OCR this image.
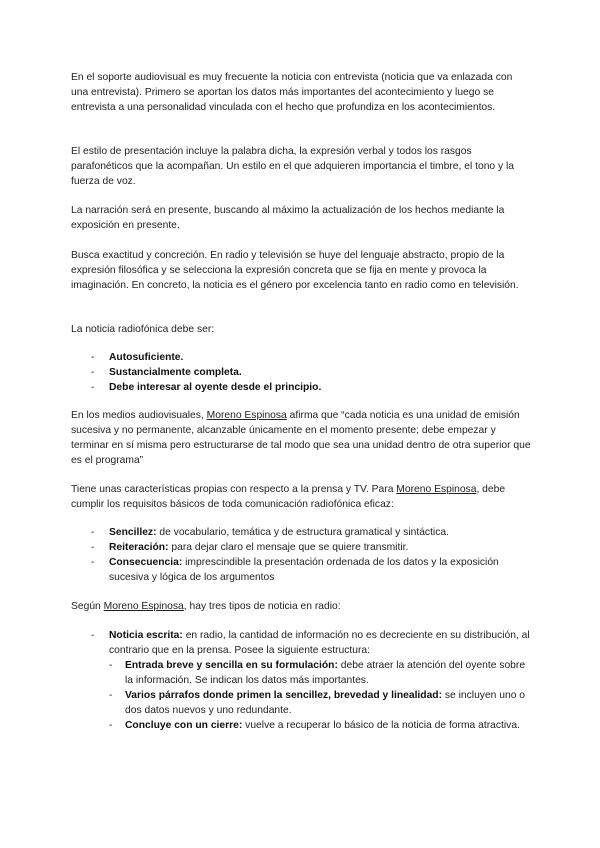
En el soporte audiovisual es muy frecuente la noticia con entrevista (noticia que va enlazada con una entrevista). Primero se aportan los datos más importantes del acontecimiento y luego se entrevista a una personalidad vinculada con el hecho que profundiza en los acontecimientos.

El estilo de presentación incluye la palabra dicha, la expresión verbal y todos los rasgos parafonéticos que la acompañan. Un estilo en el que adquieren importancia el timbre, el tono y la fuerza de voz.

La narración será en presente, buscando al máximo la actualización de los hechos mediante la exposición en presente.

Busca exactitud y concreción. En radio y televisión se huye del lenguaje abstracto, propio de la expresión filosófica y se selecciona la expresión concreta que se fija en mente y provoca la imaginación. En concreto, la noticia es el género por excelencia tanto en radio como en televisión.

La noticia radiofónica debe ser:

- Autosuficiente.
- Sustancialmente completa.
- Debe interesar al oyente desde el principio.

En los medios audiovisuales, Moreno Espinosa afirma que “cada noticia es una unidad de emisión sucesiva y no permanente, alcanzable únicamente en el momento presente; debe empezar y terminar en sí misma pero estructurarse de tal modo que sea una unidad dentro de otra superior que es el programa”

Tiene unas características propias con respecto a la prensa y TV. Para Moreno Espinosa, debe cumplir los requisitos básicos de toda comunicación radiofónica eficaz:

- Sencillez: de vocabulario, temática y de estructura gramatical y sintáctica.
- Reiteración: para dejar claro el mensaje que se quiere transmitir.
- Consecuencia: imprescindible la presentación ordenada de los datos y la exposición sucesiva y lógica de los argumentos

Según Moreno Espinosa, hay tres tipos de noticia en radio:

- Noticia escrita: en radio, la cantidad de información no es decreciente en su distribución, al contrario que en la prensa. Posee la siguiente estructura:
- Entrada breve y sencilla en su formulación: debe atraer la atención del oyente sobre la información. Se indican los datos más importantes.
- Varios párrafos donde primen la sencillez, brevedad y linealidad: se incluyen uno o dos datos nuevos y uno redundante.
- Concluye con un cierre: vuelve a recuperar lo básico de la noticia de forma atractiva.
